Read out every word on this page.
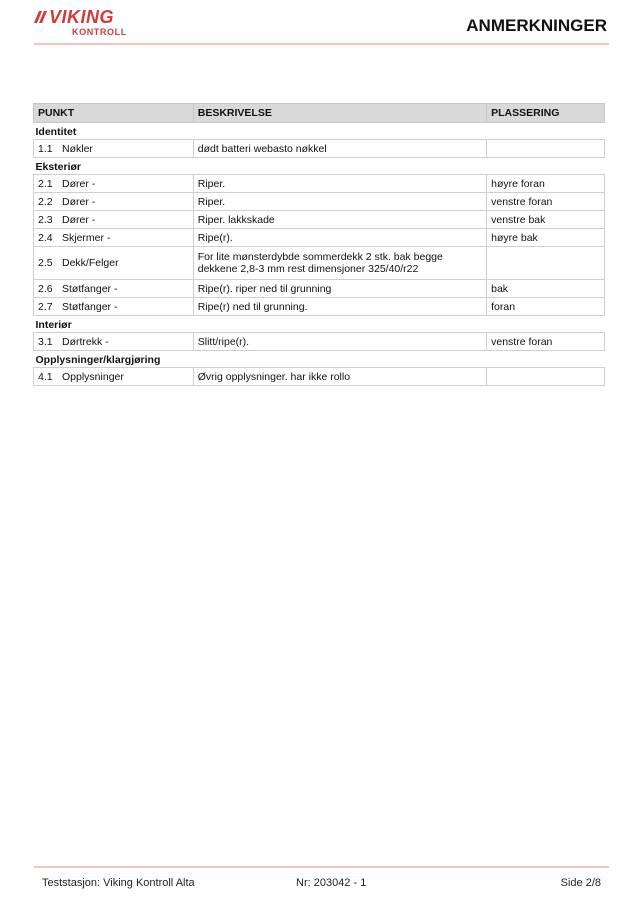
VIKING
KONTROLL	ANMERKNINGER
PUNKT	BESKRIVELSE	PLASSERING
Identitet		
1.1 Nøkler	dødt batteri webasto nøkkel	
Eksteriør		
2.1 Dører -	Riper.	høyre foran
2.2 Dører -	Riper.	venstre foran
2.3 Dører -	Riper. lakkskade	venstre bak
2.4 Skjermer -	Ripe(r).	høyre bak
2.5 Dekk/Felger	For lite mønsterdybde sommerdekk 2 stk. bak begge dekkene 2,8-3 mm rest dimensjoner 325/40/r22	
2.6 Støtfanger -	Ripe(r). riper ned til grunning	bak
2.7 Støtfanger -	Ripe(r) ned til grunning.	foran
Interiør		
3.1 Dørtrekk -	Slitt/ripe(r).	venstre foran
Opplysninger/klargjøring		
4.1 Opplysninger	Øvrig opplysninger. har ikke rollo	
Teststasjon: Viking Kontroll Alta	Nr: 203042 - 1	Side 2/8
